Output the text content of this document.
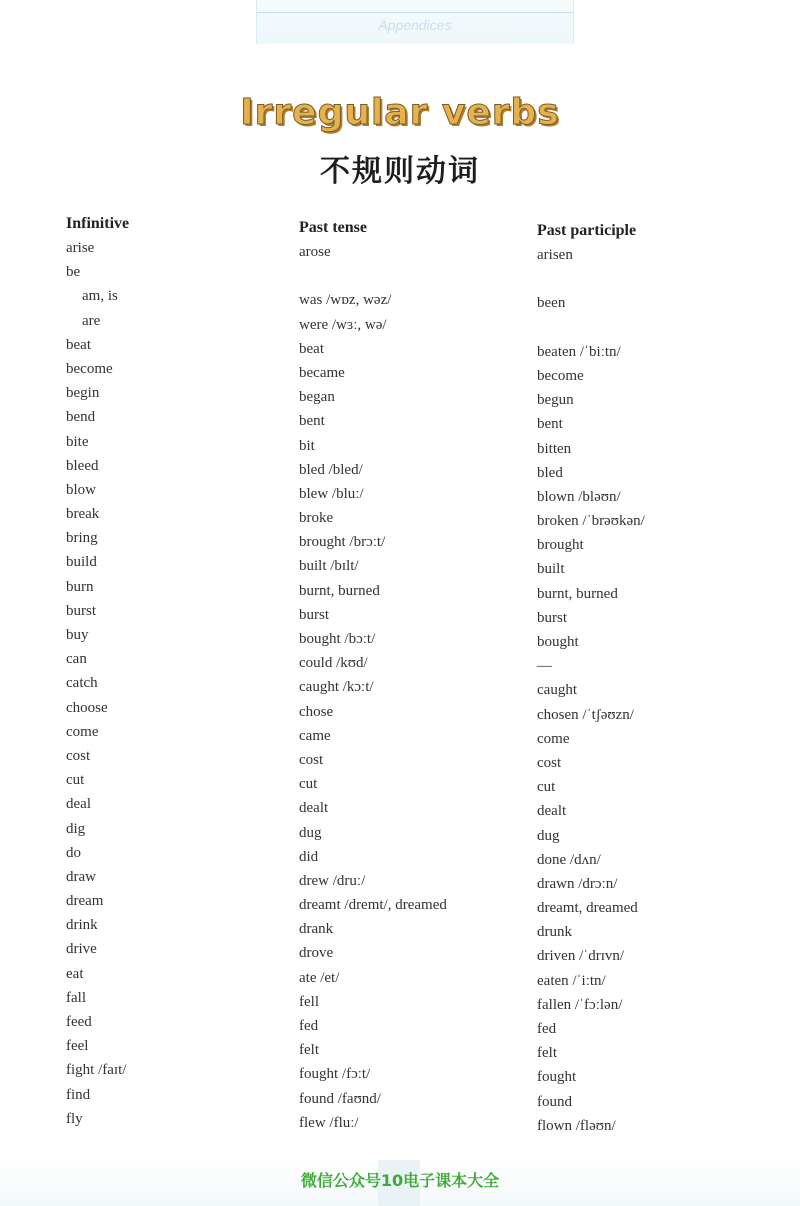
Appendices
Irregular verbs
不规则动词
Infinitive
arise
be
am, is
are
beat
become
begin
bend
bite
bleed
blow
break
bring
build
burn
burst
buy
can
catch
choose
come
cost
cut
deal
dig
do
draw
dream
drink
drive
eat
fall
feed
feel
fight /faɪt/
find
fly
Past tense
arose
was /wɒz, wəz/
were /wɜː, wə/
beat
became
began
bent
bit
bled /bled/
blew /bluː/
broke
brought /brɔːt/
built /bɪlt/
burnt, burned
burst
bought /bɔːt/
could /kʊd/
caught /kɔːt/
chose
came
cost
cut
dealt
dug
did
drew /druː/
dreamt /dremt/, dreamed
drank
drove
ate /et/
fell
fed
felt
fought /fɔːt/
found /faʊnd/
flew /fluː/
Past participle
arisen
been
beaten /ˈbiːtn/
become
begun
bent
bitten
bled
blown /bləʊn/
broken /ˈbrəʊkən/
brought
built
burnt, burned
burst
bought
—
caught
chosen /ˈtʃəʊzn/
come
cost
cut
dealt
dug
done /dʌn/
drawn /drɔːn/
dreamt, dreamed
drunk
driven /ˈdrɪvn/
eaten /ˈiːtn/
fallen /ˈfɔːlən/
fed
felt
fought
found
flown /fləʊn/
微信公众号10电子课本大全
